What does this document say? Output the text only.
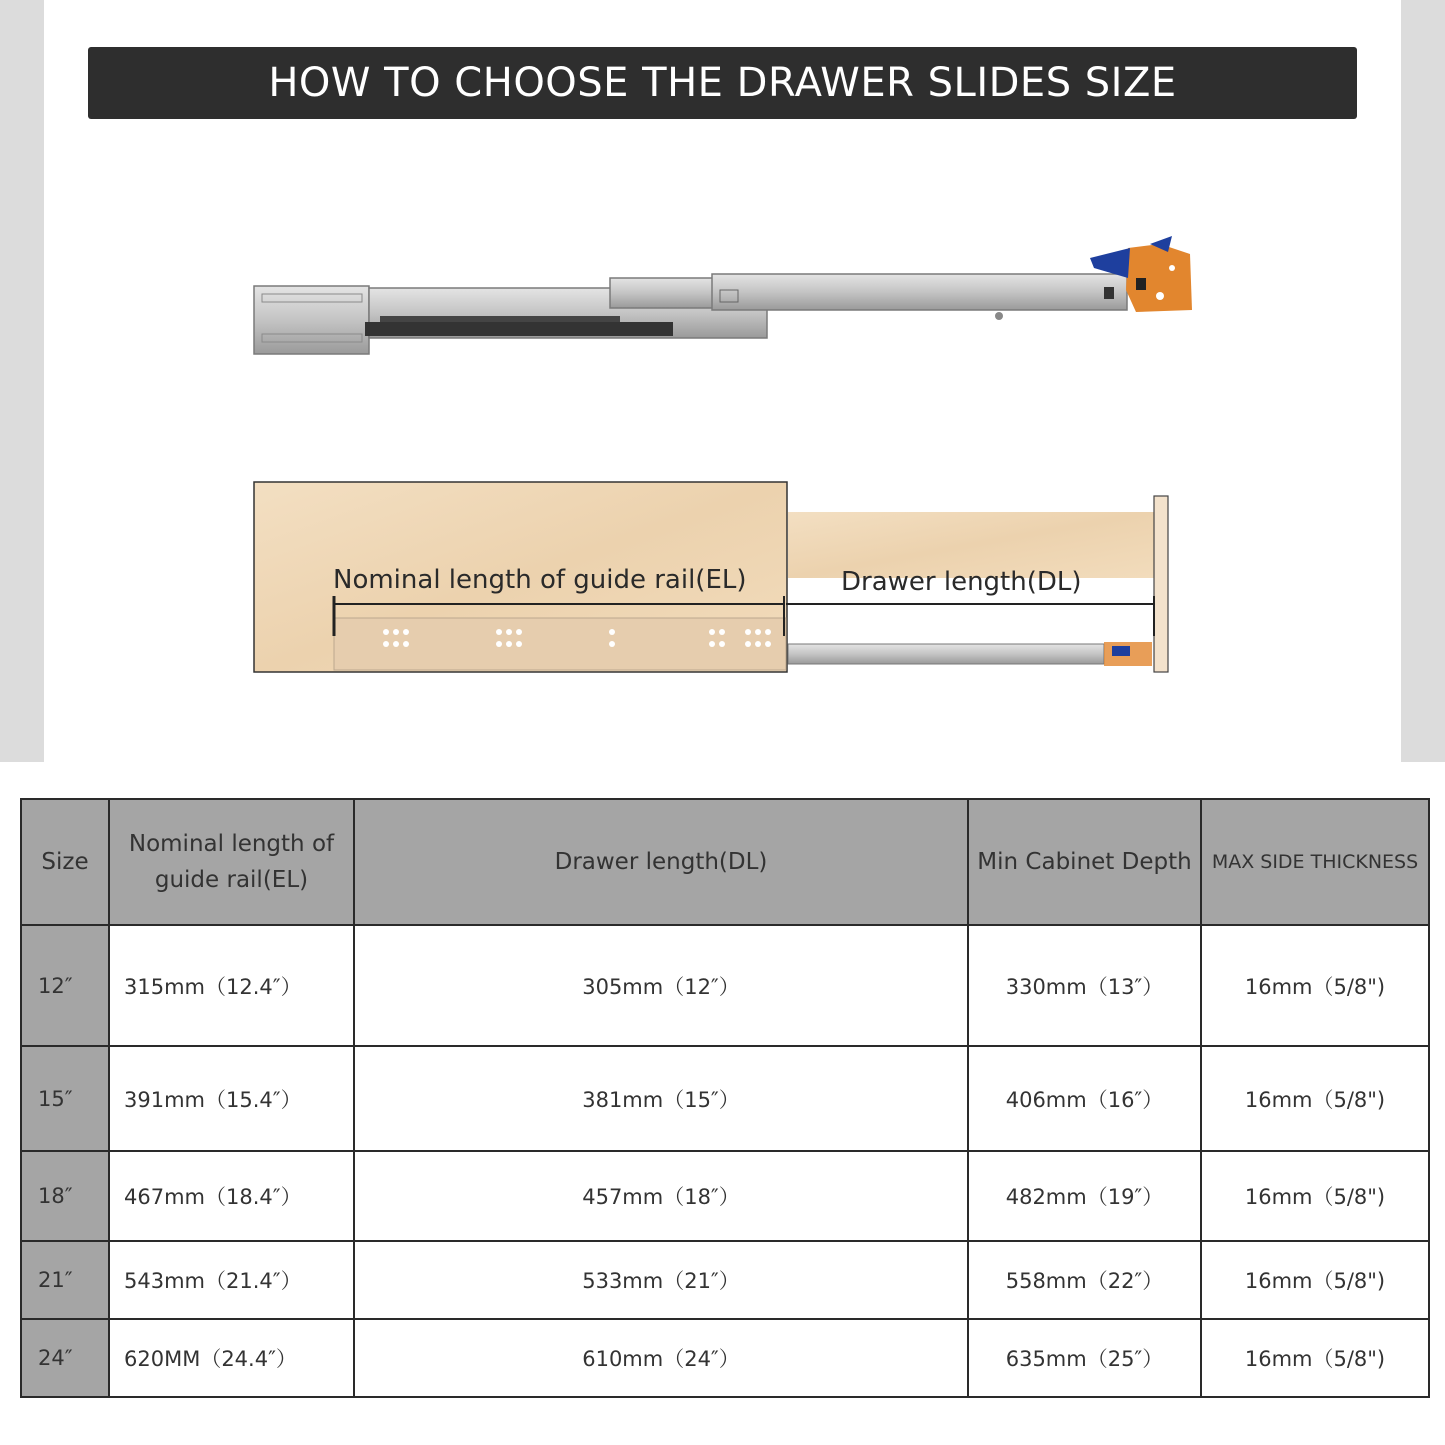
HOW TO CHOOSE THE DRAWER SLIDES SIZE
Nominal length of guide rail(EL)	Drawer length(DL)
Size	Nominal length of guide rail(EL)	Drawer length(DL)	Min Cabinet Depth	MAX SIDE THICKNESS
12″	315mm（12.4″）	305mm（12″）	330mm（13″）	16mm（5/8")
15″	391mm（15.4″）	381mm（15″）	406mm（16″）	16mm（5/8")
18″	467mm（18.4″）	457mm（18″）	482mm（19″）	16mm（5/8")
21″	543mm（21.4″）	533mm（21″）	558mm（22″）	16mm（5/8")
24″	620MM（24.4″）	610mm（24″）	635mm（25″）	16mm（5/8")
